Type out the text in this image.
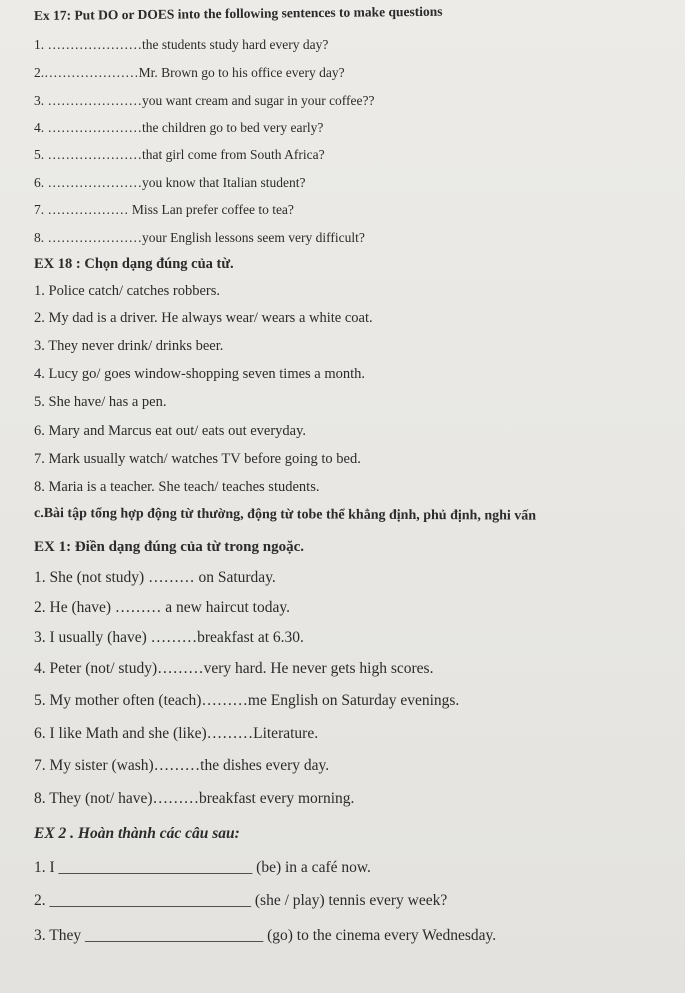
Ex 17: Put DO or DOES into the following sentences to make questions
1. …………………the students study hard every day?
2.…………………Mr. Brown go to his office every day?
3. …………………you want cream and sugar in your coffee??
4. …………………the children go to bed very early?
5. …………………that girl come from South Africa?
6. …………………you know that Italian student?
7. ……………… Miss Lan prefer coffee to tea?
8. …………………your English lessons seem very difficult?
EX 18 : Chọn dạng đúng của từ.
1. Police catch/ catches robbers.
2. My dad is a driver. He always wear/ wears a white coat.
3. They never drink/ drinks beer.
4. Lucy go/ goes window-shopping seven times a month.
5. She have/ has a pen.
6. Mary and Marcus eat out/ eats out everyday.
7. Mark usually watch/ watches TV before going to bed.
8. Maria is a teacher. She teach/ teaches students.
c.Bài tập tổng hợp động từ thường, động từ tobe thể khẳng định, phủ định, nghi vấn
EX 1: Điền dạng đúng của từ trong ngoặc.
1. She (not study) ……… on Saturday.
2. He (have) ……… a new haircut today.
3. I usually (have) ………breakfast at 6.30.
4. Peter (not/ study)………very hard. He never gets high scores.
5. My mother often (teach)………me English on Saturday evenings.
6. I like Math and she (like)………Literature.
7. My sister (wash)………the dishes every day.
8. They (not/ have)………breakfast every morning.
EX 2 . Hoàn thành các câu sau:
1. I _________________________ (be) in a café now.
2. __________________________ (she / play) tennis every week?
3. They _______________________ (go) to the cinema every Wednesday.
